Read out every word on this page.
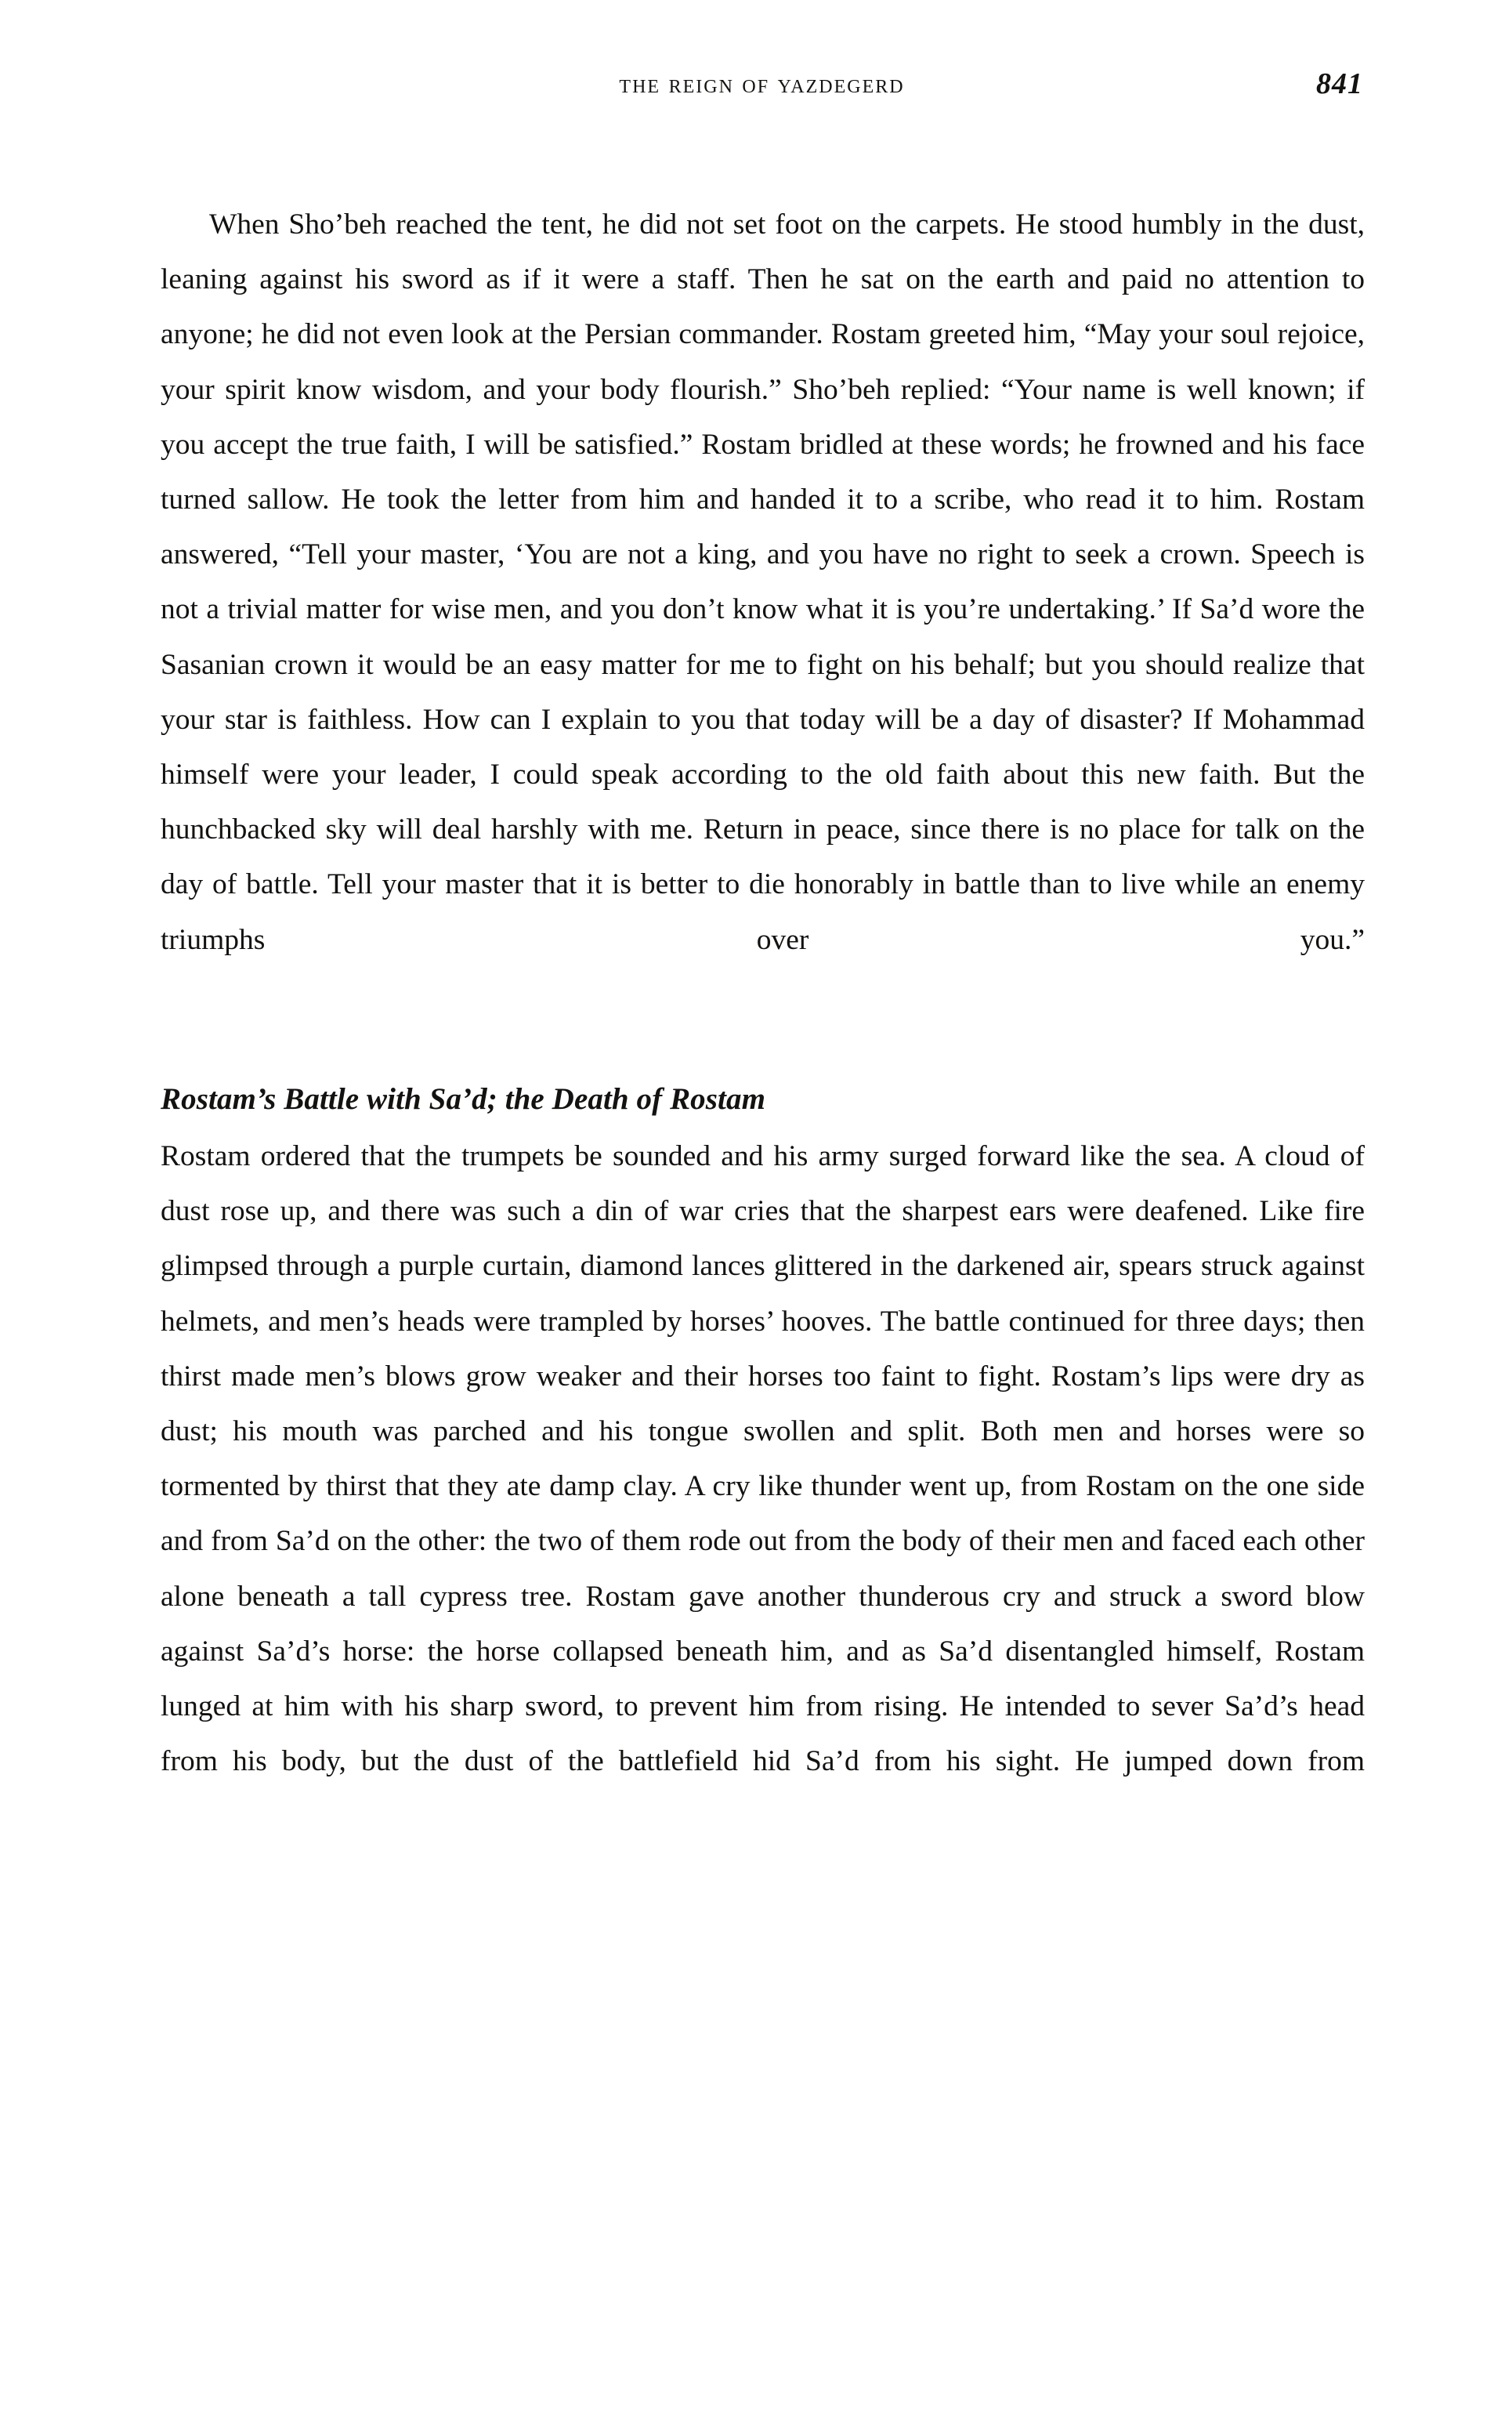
the reign of yazdegerd	841

When Sho’beh reached the tent, he did not set foot on the carpets. He stood humbly in the dust, leaning against his sword as if it were a staff. Then he sat on the earth and paid no attention to anyone; he did not even look at the Persian commander. Rostam greeted him, “May your soul rejoice, your spirit know wisdom, and your body flourish.” Sho’beh replied: “Your name is well known; if you accept the true faith, I will be satisfied.” Rostam bridled at these words; he frowned and his face turned sallow. He took the letter from him and handed it to a scribe, who read it to him. Rostam answered, “Tell your master, ‘You are not a king, and you have no right to seek a crown. Speech is not a trivial matter for wise men, and you don’t know what it is you’re undertaking.’ If Sa’d wore the Sasanian crown it would be an easy matter for me to fight on his behalf; but you should realize that your star is faithless. How can I explain to you that today will be a day of disaster? If Mohammad himself were your leader, I could speak according to the old faith about this new faith. But the hunchbacked sky will deal harshly with me. Return in peace, since there is no place for talk on the day of battle. Tell your master that it is better to die honorably in battle than to live while an enemy triumphs over you.”

Rostam’s Battle with Sa’d; the Death of Rostam

Rostam ordered that the trumpets be sounded and his army surged forward like the sea. A cloud of dust rose up, and there was such a din of war cries that the sharpest ears were deafened. Like fire glimpsed through a purple curtain, diamond lances glittered in the darkened air, spears struck against helmets, and men’s heads were trampled by horses’ hooves. The battle continued for three days; then thirst made men’s blows grow weaker and their horses too faint to fight. Rostam’s lips were dry as dust; his mouth was parched and his tongue swollen and split. Both men and horses were so tormented by thirst that they ate damp clay. A cry like thunder went up, from Rostam on the one side and from Sa’d on the other: the two of them rode out from the body of their men and faced each other alone beneath a tall cypress tree. Rostam gave another thunderous cry and struck a sword blow against Sa’d’s horse: the horse collapsed beneath him, and as Sa’d disentangled himself, Rostam lunged at him with his sharp sword, to prevent him from rising. He intended to sever Sa’d’s head from his body, but the dust of the battlefield hid Sa’d from his sight. He jumped down from
